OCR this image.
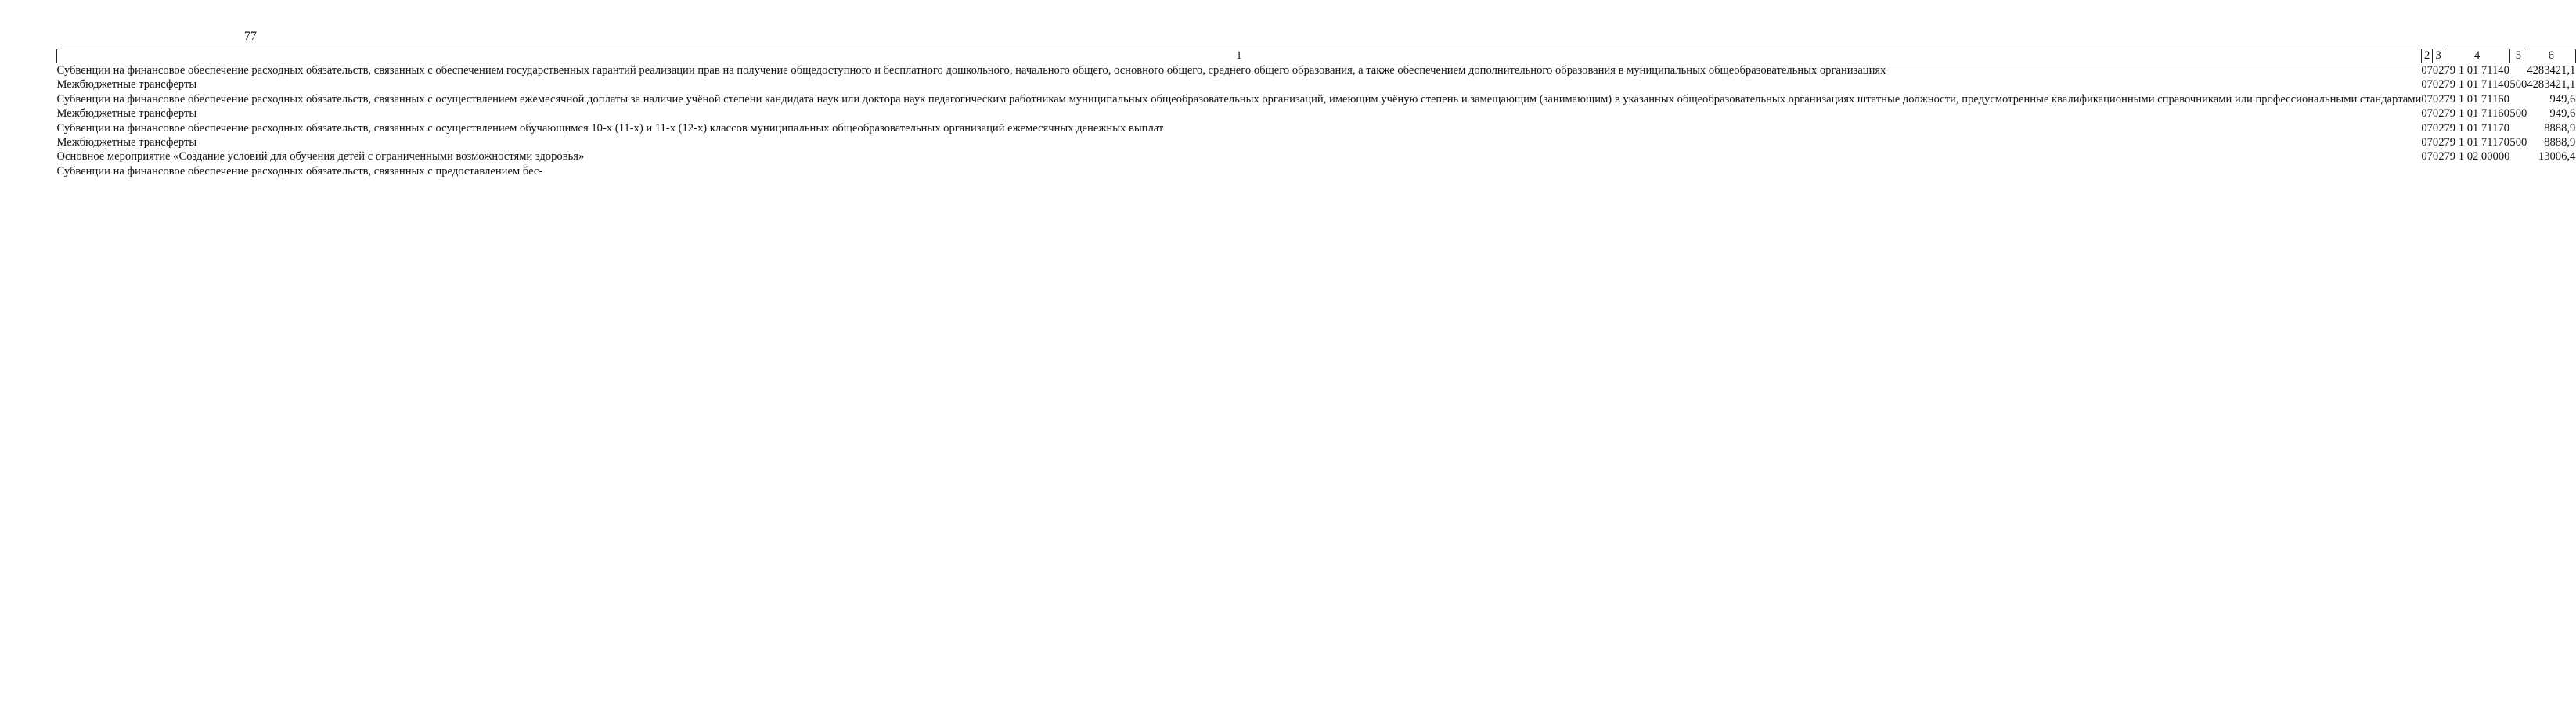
77
1	2	3	4	5	6
Субвенции на финансовое обеспечение расходных обязательств, связанных с обеспечением государственных гарантий реализации прав на получение общедоступного и бесплатного дошкольного, начального общего, основного общего, среднего общего образования, а также обеспечением дополнительного образования в муниципальных общеобразовательных организациях	07	02	79 1 01 71140		4283421,1
Межбюджетные трансферты	07	02	79 1 01 71140	500	4283421,1
Субвенции на финансовое обеспечение расходных обязательств, связанных с осуществлением ежемесячной доплаты за наличие учёной степени кандидата наук или доктора наук педагогическим работникам муниципальных общеобразовательных организаций, имеющим учёную степень и замещающим (занимающим) в указанных общеобразовательных организациях штатные должности, предусмотренные квалификационными справочниками или профессиональными стандартами	07	02	79 1 01 71160		949,6
Межбюджетные трансферты	07	02	79 1 01 71160	500	949,6
Субвенции на финансовое обеспечение расходных обязательств, связанных с осуществлением обучающимся 10-х (11-х) и 11-х (12-х) классов муниципальных общеобразовательных организаций ежемесячных денежных выплат	07	02	79 1 01 71170		8888,9
Межбюджетные трансферты	07	02	79 1 01 71170	500	8888,9
Основное мероприятие «Создание условий для обучения детей с ограниченными возможностями здоровья»	07	02	79 1 02 00000		13006,4
Субвенции на финансовое обеспечение расходных обязательств, связанных с предоставлением бес-					
